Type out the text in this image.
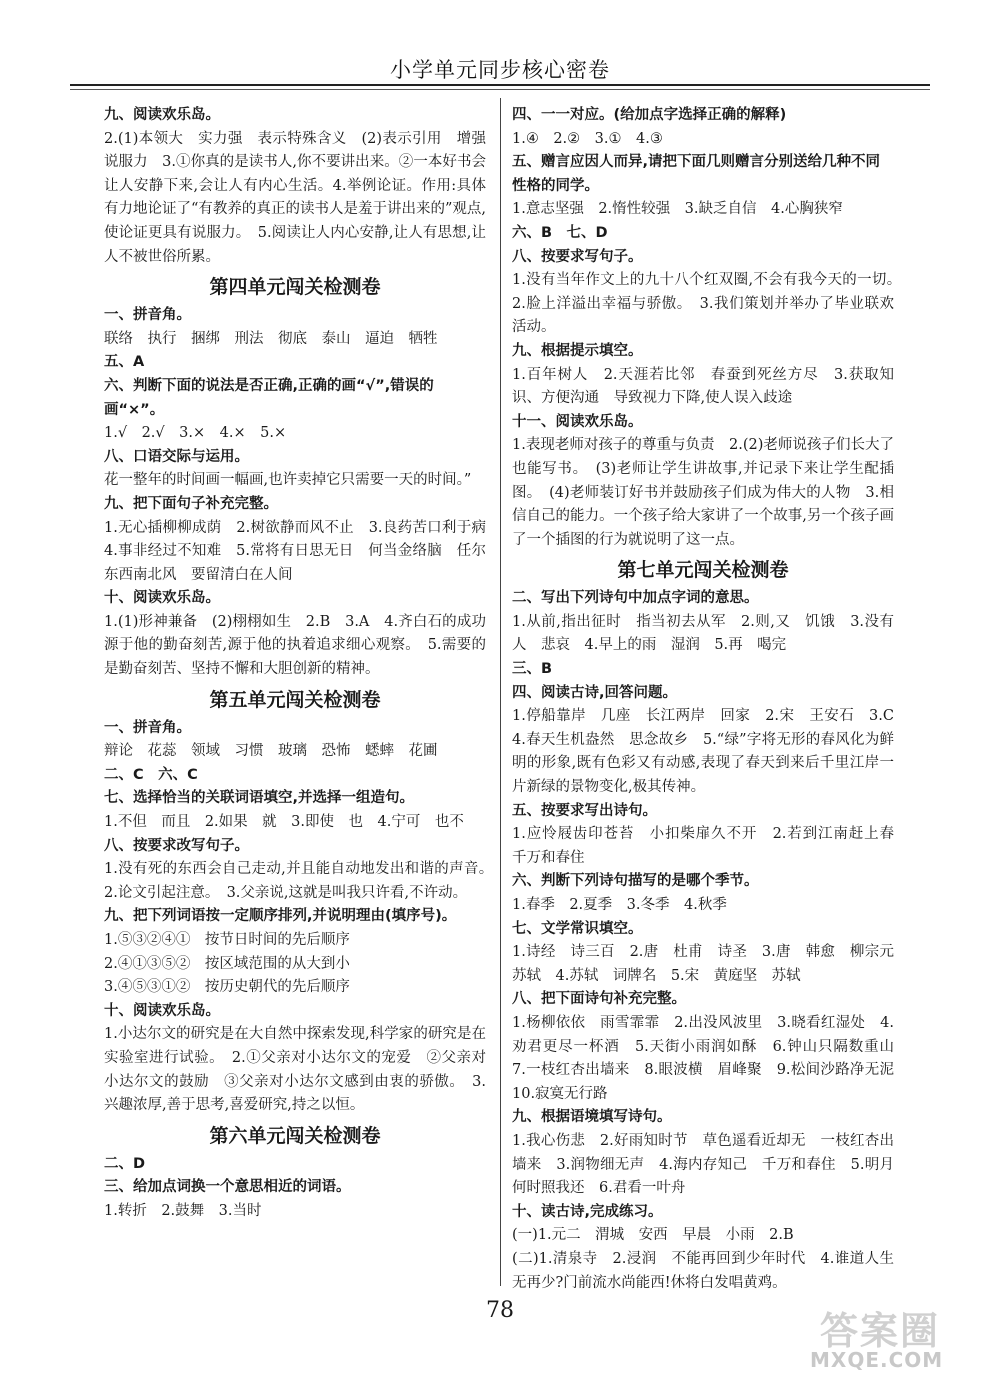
小学单元同步核心密卷
九、阅读欢乐岛。
2.(1)本领大　实力强　表示特殊含义　(2)表示引用　增强说服力　3.①你真的是读书人,你不要讲出来。②一本好书会让人安静下来,会让人有内心生活。4.举例论证。作用:具体有力地论证了“有教养的真正的读书人是羞于讲出来的”观点,使论证更具有说服力。　5.阅读让人内心安静,让人有思想,让人不被世俗所累。
第四单元闯关检测卷
一、拼音角。
联络　执行　捆绑　刑法　彻底　泰山　逼迫　牺牲
五、A
六、判断下面的说法是否正确,正确的画“√”,错误的画“×”。
1.√　2.√　3.×　4.×　5.×
八、口语交际与运用。
花一整年的时间画一幅画,也许卖掉它只需要一天的时间。”
九、把下面句子补充完整。
1.无心插柳柳成荫　2.树欲静而风不止　3.良药苦口利于病　4.事非经过不知难　5.常将有日思无日　何当金络脑　任尔东西南北风　要留清白在人间
十、阅读欢乐岛。
1.(1)形神兼备　(2)栩栩如生　2.B　3.A　4.齐白石的成功源于他的勤奋刻苦,源于他的执着追求细心观察。　5.需要的是勤奋刻苦、坚持不懈和大胆创新的精神。
第五单元闯关检测卷
一、拼音角。
辩论　花蕊　领域　习惯　玻璃　恐怖　蟋蟀　花圃
二、C　六、C
七、选择恰当的关联词语填空,并选择一组造句。
1.不但　而且　2.如果　就　3.即使　也　4.宁可　也不
八、按要求改写句子。
1.没有死的东西会自己走动,并且能自动地发出和谐的声音。　2.论文引起注意。　3.父亲说,这就是叫我只许看,不许动。
九、把下列词语按一定顺序排列,并说明理由(填序号)。
1.⑤③②④①　按节日时间的先后顺序
2.④①③⑤②　按区域范围的从大到小
3.④⑤③①②　按历史朝代的先后顺序
十、阅读欢乐岛。
1.小达尔文的研究是在大自然中探索发现,科学家的研究是在实验室进行试验。　2.①父亲对小达尔文的宠爱　②父亲对小达尔文的鼓励　③父亲对小达尔文感到由衷的骄傲。　3.兴趣浓厚,善于思考,喜爱研究,持之以恒。
第六单元闯关检测卷
二、D
三、给加点词换一个意思相近的词语。
1.转折　2.鼓舞　3.当时
四、一一对应。(给加点字选择正确的解释)
1.④　2.②　3.①　4.③
五、赠言应因人而异,请把下面几则赠言分别送给几种不同性格的同学。
1.意志坚强　2.惰性较强　3.缺乏自信　4.心胸狭窄
六、B　七、D
八、按要求写句子。
1.没有当年作文上的九十八个红双圈,不会有我今天的一切。　2.脸上洋溢出幸福与骄傲。　3.我们策划并举办了毕业联欢活动。
九、根据提示填空。
1.百年树人　2.天涯若比邻　春蚕到死丝方尽　3.获取知识、方便沟通　导致视力下降,使人误入歧途
十一、阅读欢乐岛。
1.表现老师对孩子的尊重与负责　2.(2)老师说孩子们长大了也能写书。　(3)老师让学生讲故事,并记录下来让学生配插图。　(4)老师装订好书并鼓励孩子们成为伟大的人物　3.相信自己的能力。一个孩子给大家讲了一个故事,另一个孩子画了一个插图的行为就说明了这一点。
第七单元闯关检测卷
二、写出下列诗句中加点字词的意思。
1.从前,指出征时　指当初去从军　2.则,又　饥饿　3.没有人　悲哀　4.早上的雨　湿润　5.再　喝完
三、B
四、阅读古诗,回答问题。
1.停船靠岸　几座　长江两岸　回家　2.宋　王安石　3.C　4.春天生机盎然　思念故乡　5.“绿”字将无形的春风化为鲜明的形象,既有色彩又有动感,表现了春天到来后千里江岸一片新绿的景物变化,极其传神。
五、按要求写出诗句。
1.应怜屐齿印苍苔　小扣柴扉久不开　2.若到江南赶上春　千万和春住
六、判断下列诗句描写的是哪个季节。
1.春季　2.夏季　3.冬季　4.秋季
七、文学常识填空。
1.诗经　诗三百　2.唐　杜甫　诗圣　3.唐　韩愈　柳宗元　苏轼　4.苏轼　词牌名　5.宋　黄庭坚　苏轼
八、把下面诗句补充完整。
1.杨柳依依　雨雪霏霏　2.出没风波里　3.晓看红湿处　4.劝君更尽一杯酒　5.天街小雨润如酥　6.钟山只隔数重山　7.一枝红杏出墙来　8.眼波横　眉峰聚　9.松间沙路净无泥　10.寂寞无行路
九、根据语境填写诗句。
1.我心伤悲　2.好雨知时节　草色遥看近却无　一枝红杏出墙来　3.润物细无声　4.海内存知己　千万和春住　5.明月何时照我还　6.君看一叶舟
十、读古诗,完成练习。
(一)1.元二　渭城　安西　早晨　小雨　2.B
(二)1.清泉寺　2.浸润　不能再回到少年时代　4.谁道人生无再少?门前流水尚能西!休将白发唱黄鸡。
78	答案圈
MXQE.COM
